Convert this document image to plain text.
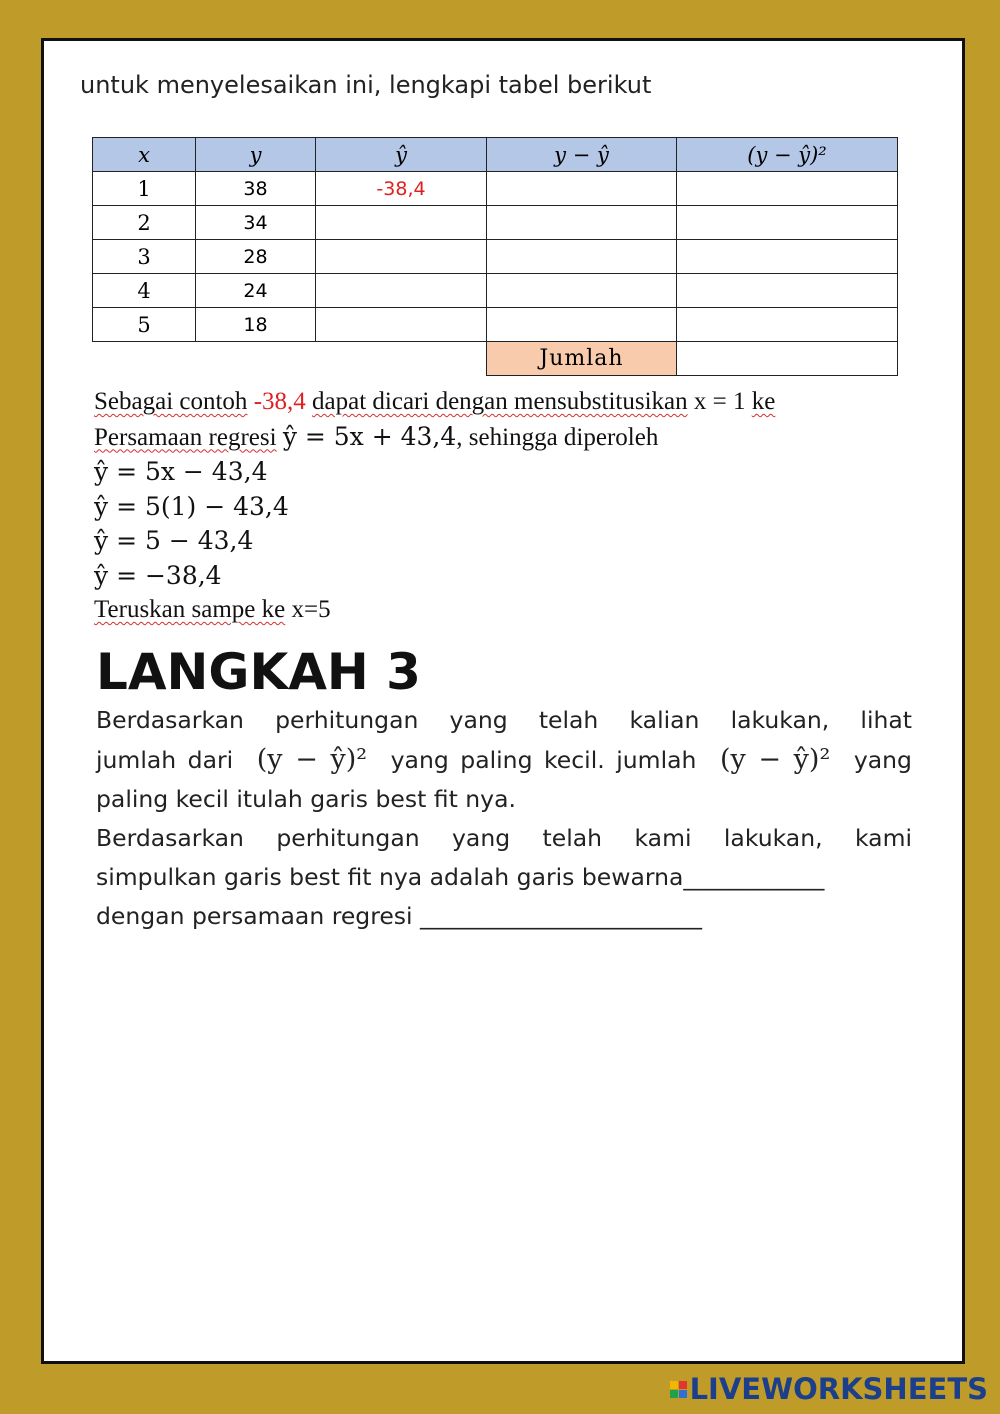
untuk menyelesaikan ini, lengkapi tabel berikut
x	y	ŷ	y − ŷ	(y − ŷ)²
1	38	-38,4		
2	34			
3	28			
4	24			
5	18			
			Jumlah	
Sebagai contoh -38,4 dapat dicari dengan mensubstitusikan x = 1 ke
Persamaan regresi ŷ = 5x + 43,4, sehingga diperoleh
ŷ = 5x − 43,4
ŷ = 5(1) − 43,4
ŷ = 5 − 43,4
ŷ = −38,4
Teruskan sampe ke x=5
LANGKAH 3

Berdasarkan perhitungan yang telah kalian lakukan, lihat

jumlah dari (y − ŷ)² yang paling kecil. jumlah (y − ŷ)² yang

paling kecil itulah garis best fit nya.

Berdasarkan perhitungan yang telah kami lakukan, kami

simpulkan garis best fit nya adalah garis bewarna____________

dengan persamaan regresi ________________________

LIVEWORKSHEETS
